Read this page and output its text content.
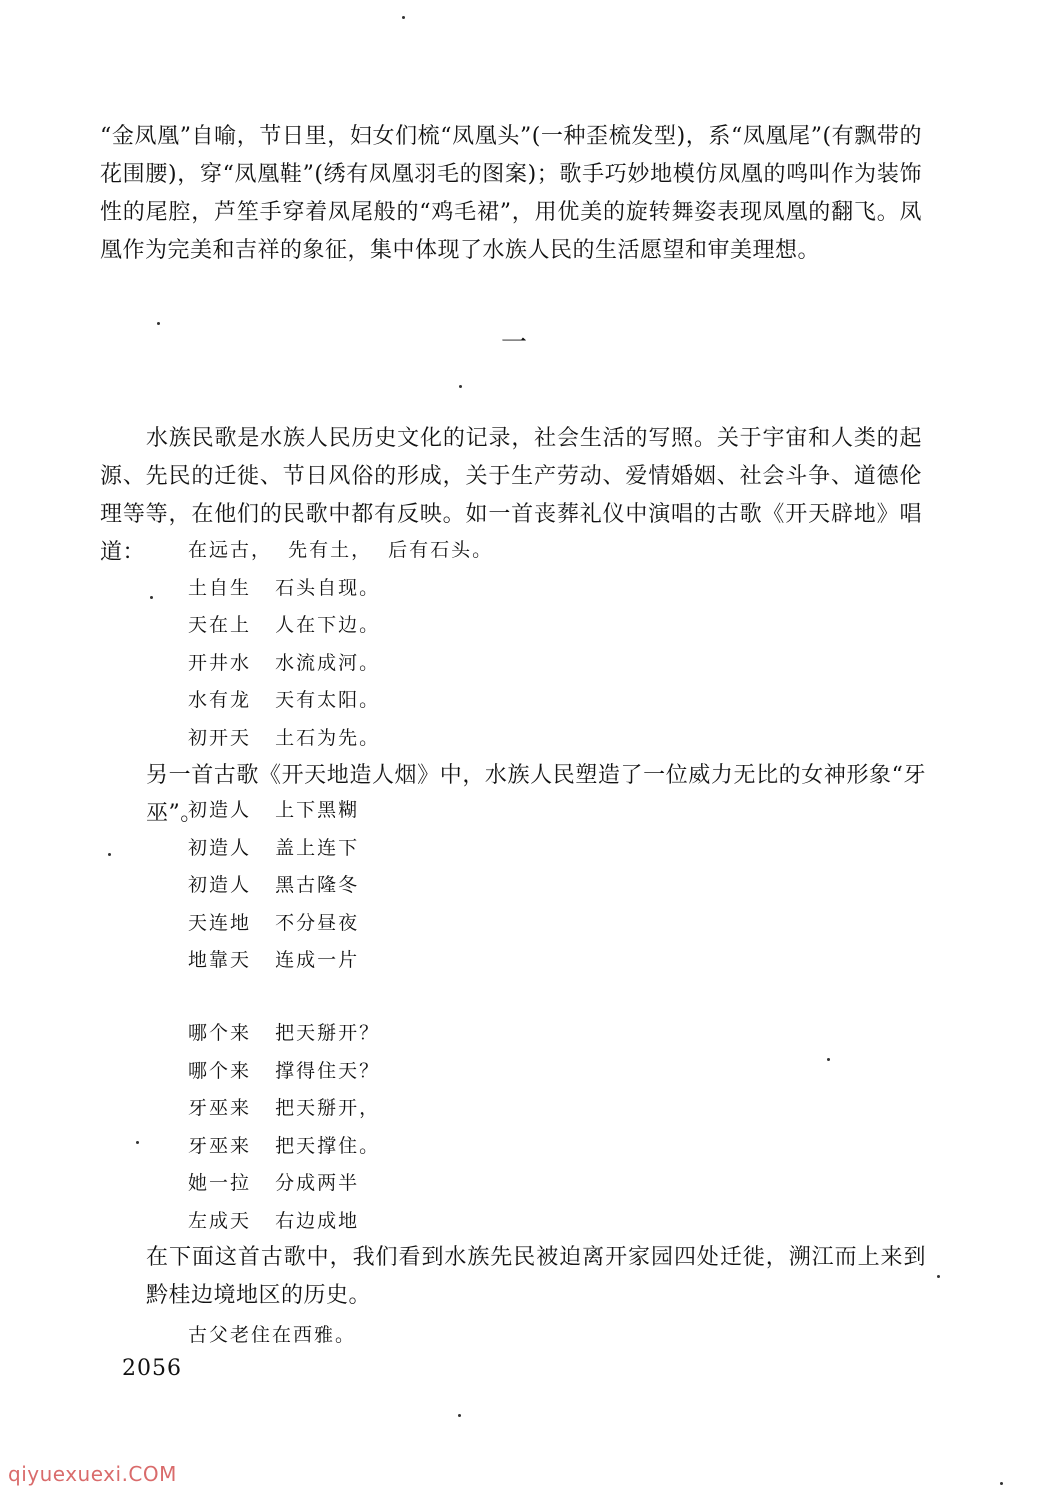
“金凤凰”自喻，节日里，妇女们梳“凤凰头”(一种歪梳发型)，系“凤凰尾”(有飘带的花围腰)，穿“凤凰鞋”(绣有凤凰羽毛的图案)；歌手巧妙地模仿凤凰的鸣叫作为装饰性的尾腔，芦笙手穿着凤尾般的“鸡毛裙”，用优美的旋转舞姿表现凤凰的翻飞。凤凰作为完美和吉祥的象征，集中体现了水族人民的生活愿望和审美理想。

一

水族民歌是水族人民历史文化的记录，社会生活的写照。关于宇宙和人类的起源、先民的迁徙、节日风俗的形成，关于生产劳动、爱情婚姻、社会斗争、道德伦理等等，在他们的民歌中都有反映。如一首丧葬礼仪中演唱的古歌《开天辟地》唱道：	在远古，  先有土，  后有石头。
土自生   石头自现。
天在上   人在下边。
开井水   水流成河。
水有龙   天有太阳。
初开天   土石为先。

另一首古歌《开天地造人烟》中，水族人民塑造了一位威力无比的女神形象“牙巫”。

初造人   上下黑糊
初造人   盖上连下
初造人   黑古隆冬
天连地   不分昼夜
地靠天   连成一片
哪个来   把天掰开？
哪个来   撑得住天？
牙巫来   把天掰开，
牙巫来   把天撑住。
她一拉   分成两半
左成天   右边成地

在下面这首古歌中，我们看到水族先民被迫离开家园四处迁徙，溯江而上来到黔桂边境地区的历史。

古父老住在西雅。
2056
qiyuexuexi.COM
